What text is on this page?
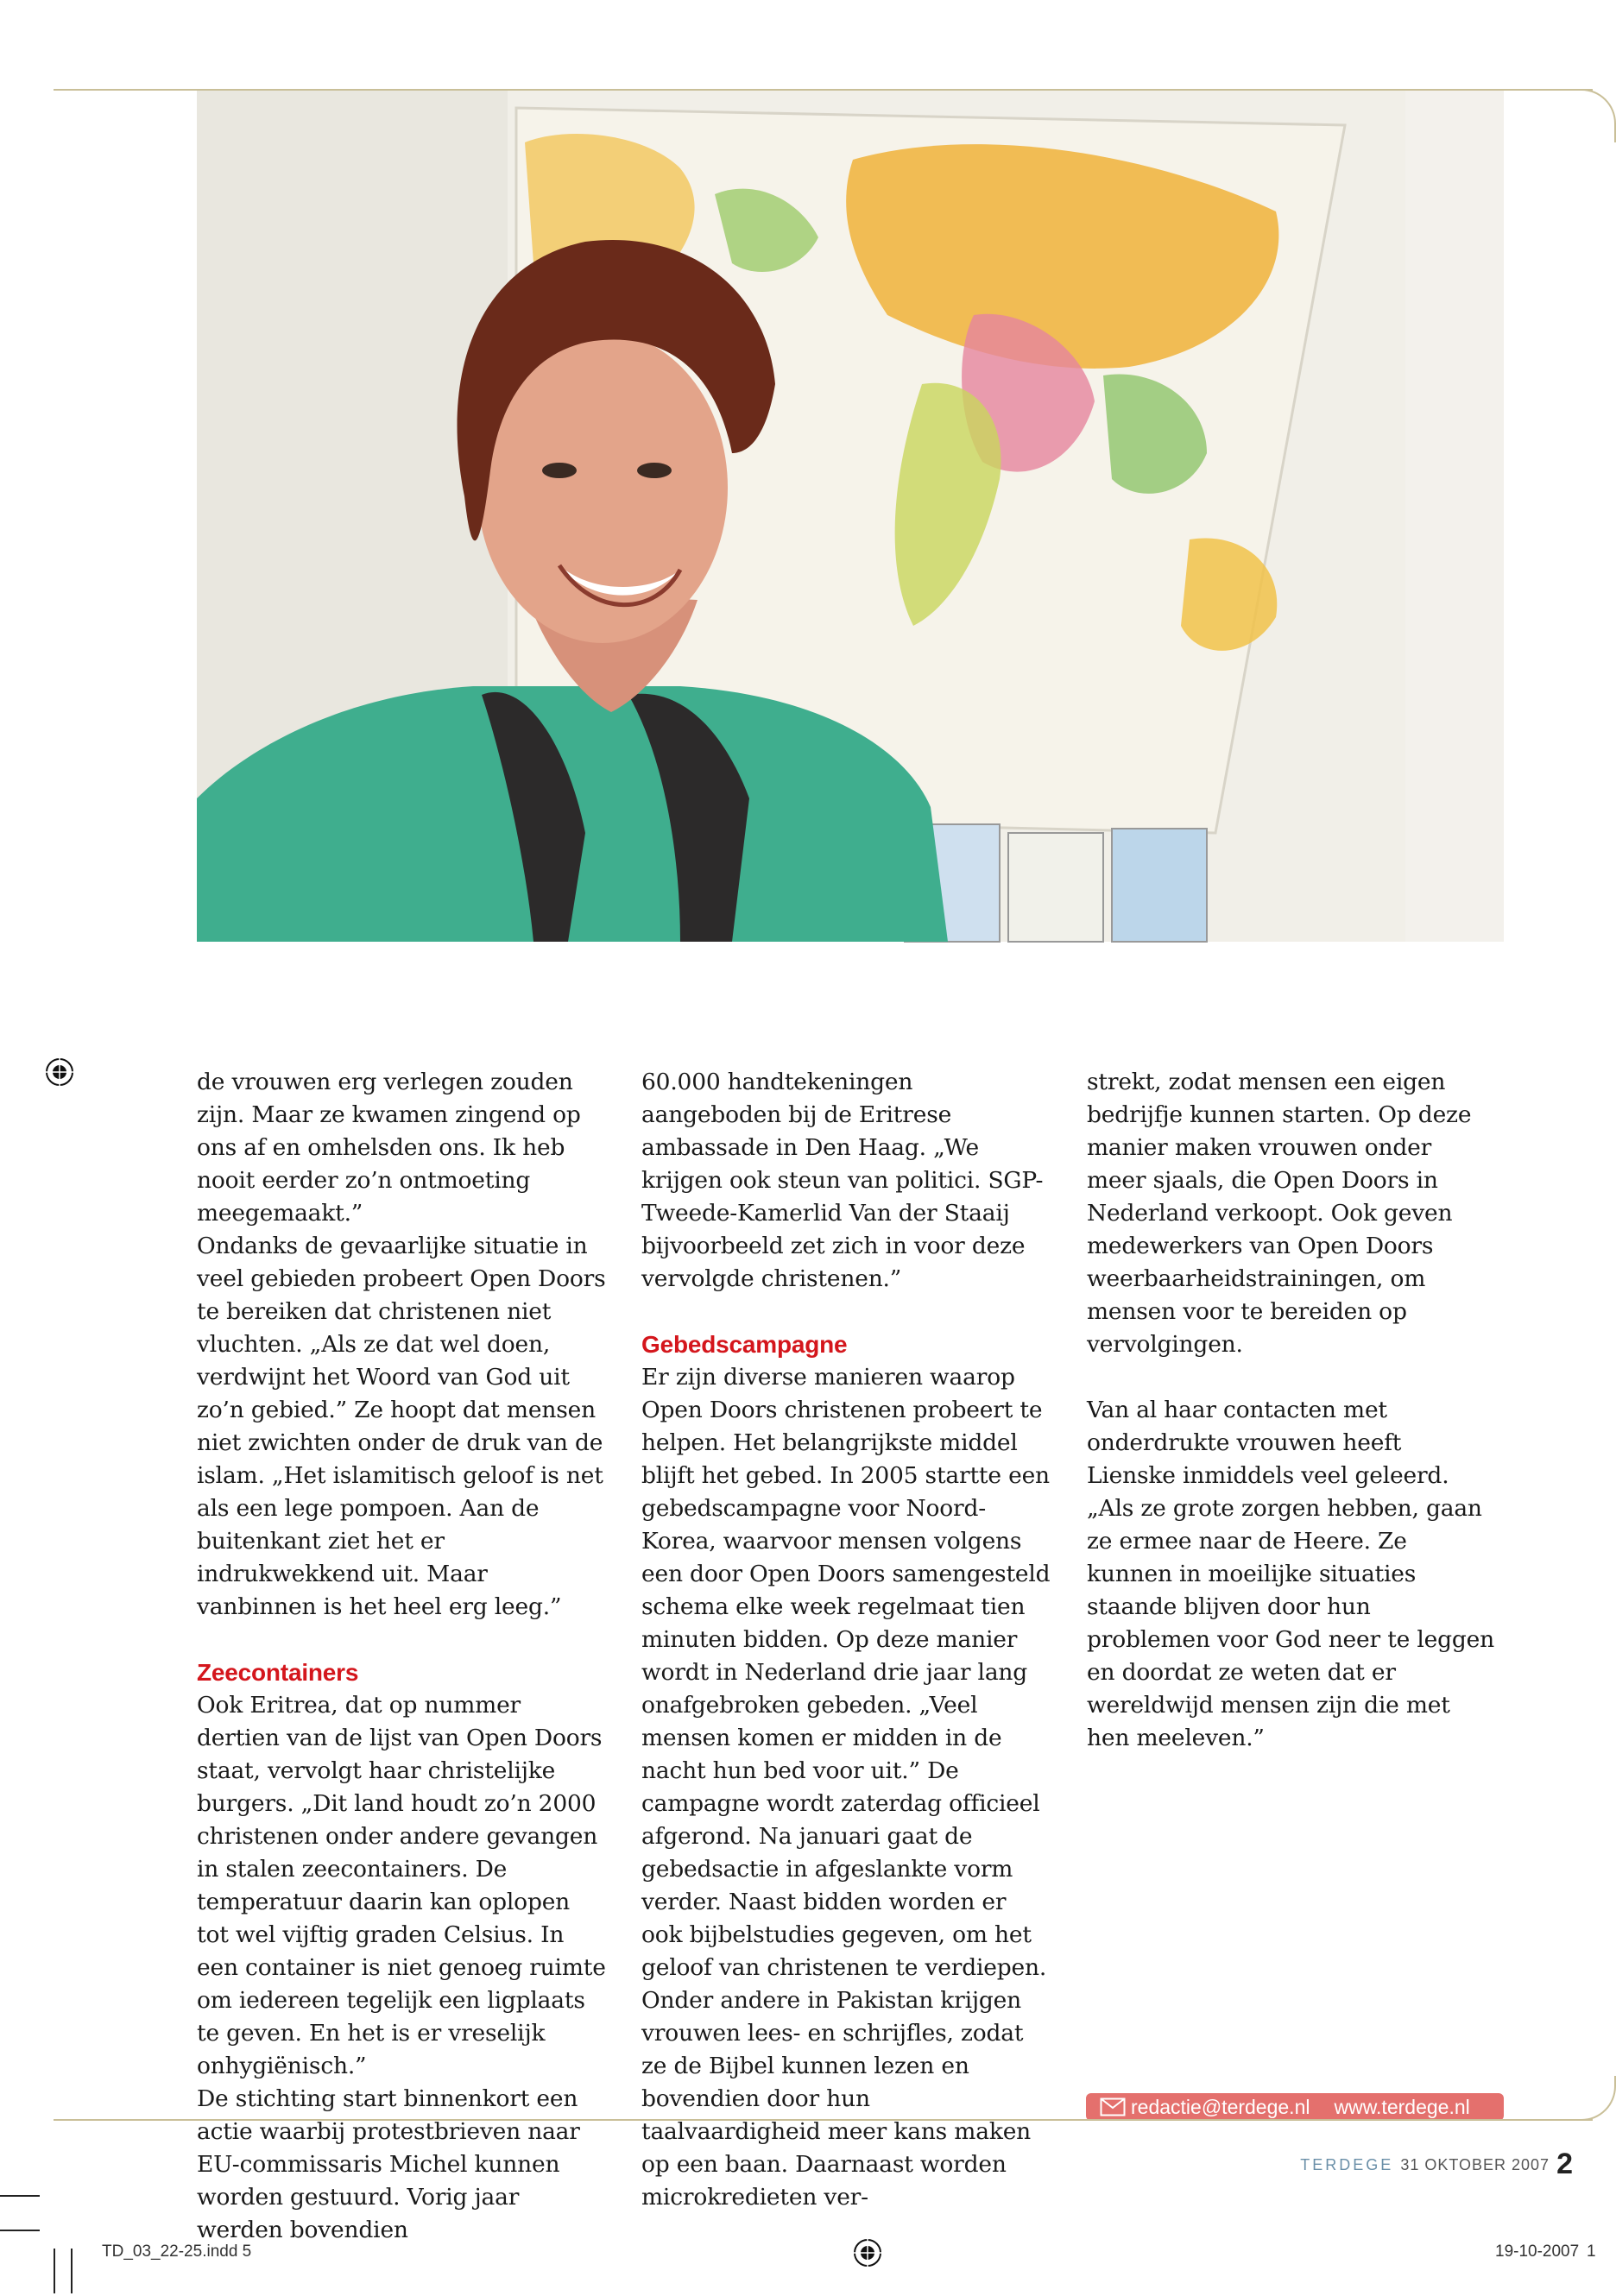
de vrouwen erg verlegen zouden zijn. Maar ze kwamen zingend op ons af en omhelsden ons. Ik heb nooit eerder zo’n ontmoeting meegemaakt.”

Ondanks de gevaarlijke situatie in veel gebieden probeert Open Doors te bereiken dat christenen niet vluchten. „Als ze dat wel doen, verdwijnt het Woord van God uit zo’n gebied.” Ze hoopt dat mensen niet zwichten onder de druk van de islam. „Het islamitisch geloof is net als een lege pompoen. Aan de buitenkant ziet het er indrukwekkend uit. Maar vanbinnen is het heel erg leeg.”

Zeecontainers

Ook Eritrea, dat op nummer dertien van de lijst van Open Doors staat, vervolgt haar christelijke burgers. „Dit land houdt zo’n 2000 christenen onder andere gevangen in stalen zeecontainers. De temperatuur daarin kan oplopen tot wel vijftig graden Celsius. In een container is niet genoeg ruimte om iedereen tegelijk een ligplaats te geven. En het is er vreselijk onhygiënisch.”

De stichting start binnenkort een actie waarbij protestbrieven naar EU-commissaris Michel kunnen worden gestuurd. Vorig jaar werden bovendien

60.000 handtekeningen aangeboden bij de Eritrese ambassade in Den Haag. „We krijgen ook steun van politici. SGP-Tweede-Kamerlid Van der Staaij bijvoorbeeld zet zich in voor deze vervolgde christenen.”

Gebedscampagne

Er zijn diverse manieren waarop Open Doors christenen probeert te helpen. Het belangrijkste middel blijft het gebed. In 2005 startte een gebedscampagne voor Noord-Korea, waarvoor mensen volgens een door Open Doors samengesteld schema elke week regelmaat tien minuten bidden. Op deze manier wordt in Nederland drie jaar lang onafgebroken gebeden. „Veel mensen komen er midden in de nacht hun bed voor uit.” De campagne wordt zaterdag officieel afgerond. Na januari gaat de gebedsactie in afgeslankte vorm verder. Naast bidden worden er ook bijbelstudies gegeven, om het geloof van christenen te verdiepen. Onder andere in Pakistan krijgen vrouwen lees- en schrijfles, zodat ze de Bijbel kunnen lezen en bovendien door hun taalvaardigheid meer kans maken op een baan. Daarnaast worden microkredieten ver-

strekt, zodat mensen een eigen bedrijfje kunnen starten. Op deze manier maken vrouwen onder meer sjaals, die Open Doors in Nederland verkoopt. Ook geven medewerkers van Open Doors weerbaarheidstrainingen, om mensen voor te bereiden op vervolgingen.

Van al haar contacten met onderdrukte vrouwen heeft Lienske inmiddels veel geleerd. „Als ze grote zorgen hebben, gaan ze ermee naar de Heere. Ze kunnen in moeilijke situaties staande blijven door hun problemen voor God neer te leggen en doordat ze weten dat er wereldwijd mensen zijn die met hen meeleven.”

redactie@terdege.nl www.terdege.nl
TERDEGE 31 OKTOBER 2007 2
TD_03_22-25.indd 5	19-10-2007 1
